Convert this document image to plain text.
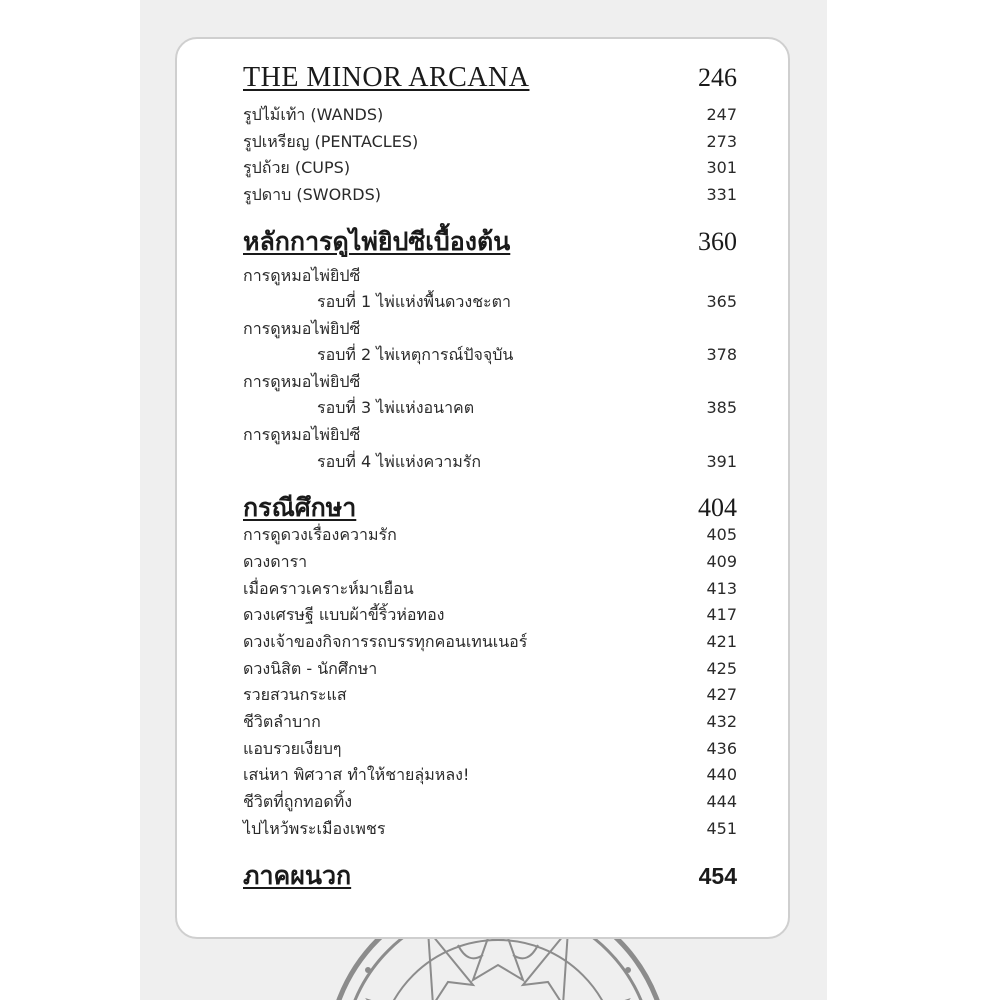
THE MINOR ARCANA	246
รูปไม้เท้า (WANDS)	247
รูปเหรียญ (PENTACLES)	273
รูปถ้วย (CUPS)	301
รูปดาบ (SWORDS)	331
หลักการดูไพ่ยิปซีเบื้องต้น	360
การดูหมอไพ่ยิปซี
รอบที่ 1 ไพ่แห่งพื้นดวงชะตา	365
การดูหมอไพ่ยิปซี
รอบที่ 2 ไพ่เหตุการณ์ปัจจุบัน	378
การดูหมอไพ่ยิปซี
รอบที่ 3 ไพ่แห่งอนาคต	385
การดูหมอไพ่ยิปซี
รอบที่ 4 ไพ่แห่งความรัก	391
กรณีศึกษา	404
การดูดวงเรื่องความรัก	405
ดวงดารา	409
เมื่อคราวเคราะห์มาเยือน	413
ดวงเศรษฐี แบบผ้าขี้ริ้วห่อทอง	417
ดวงเจ้าของกิจการรถบรรทุกคอนเทนเนอร์	421
ดวงนิสิต - นักศึกษา	425
รวยสวนกระแส	427
ชีวิตลำบาก	432
แอบรวยเงียบๆ	436
เสน่หา พิศวาส ทำให้ชายลุ่มหลง!	440
ชีวิตที่ถูกทอดทิ้ง	444
ไปไหว้พระเมืองเพชร	451
ภาคผนวก	454
